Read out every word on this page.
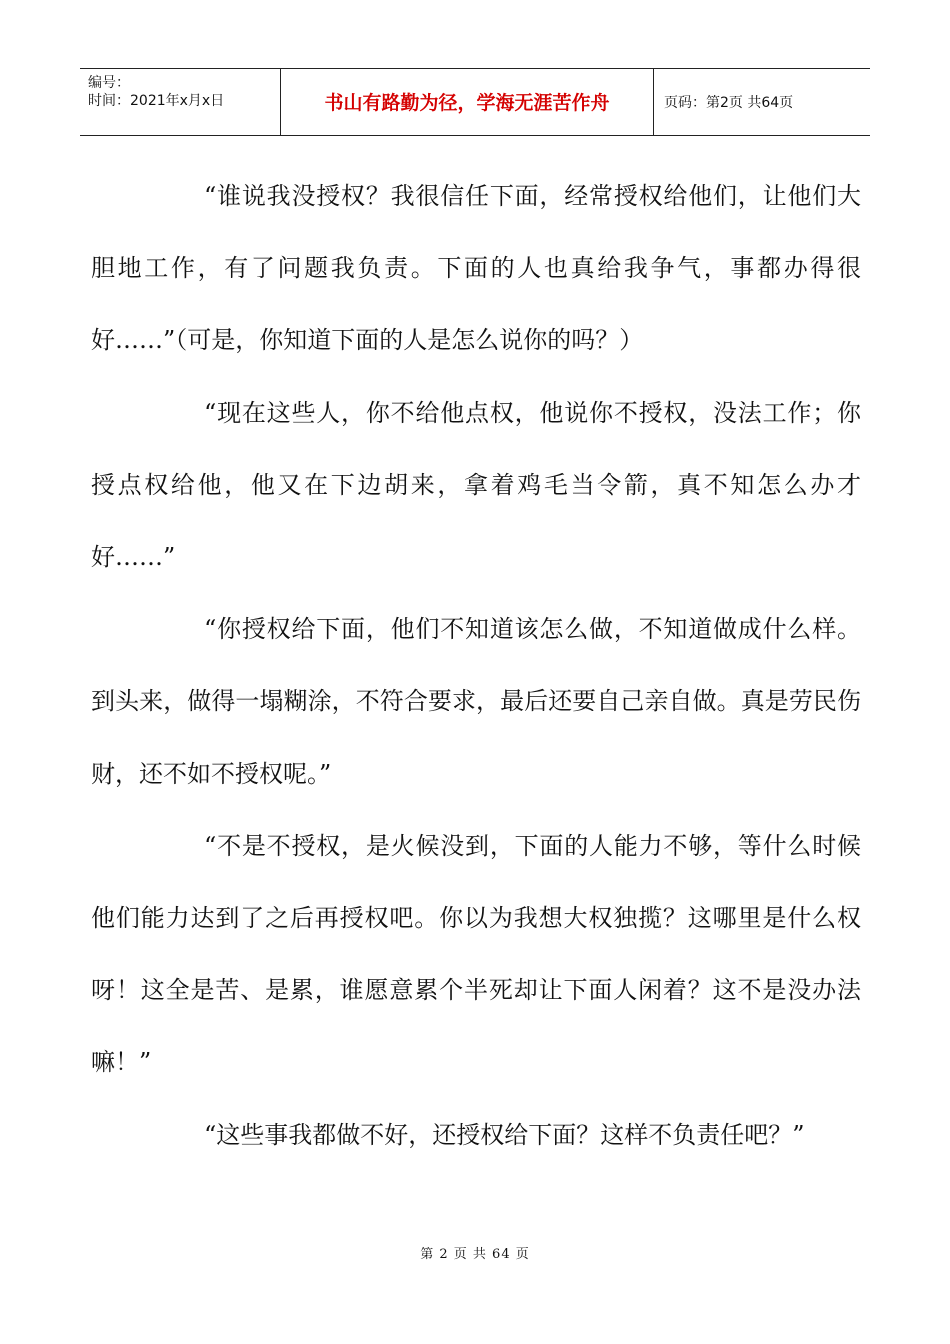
编号：
时间：2021年x月x日	书山有路勤为径，学海无涯苦作舟	页码：第2页 共64页

“谁说我没授权？我很信任下面，经常授权给他们，让他们大胆地工作，有了问题我负责。下面的人也真给我争气，事都办得很好……”（可是，你知道下面的人是怎么说你的吗？）

“现在这些人，你不给他点权，他说你不授权，没法工作；你授点权给他，他又在下边胡来，拿着鸡毛当令箭，真不知怎么办才好……”

“你授权给下面，他们不知道该怎么做，不知道做成什么样。到头来，做得一塌糊涂，不符合要求，最后还要自己亲自做。真是劳民伤财，还不如不授权呢。”

“不是不授权，是火候没到，下面的人能力不够，等什么时候他们能力达到了之后再授权吧。你以为我想大权独揽？这哪里是什么权呀！这全是苦、是累，谁愿意累个半死却让下面人闲着？这不是没办法嘛！”

“这些事我都做不好，还授权给下面？这样不负责任吧？”

第 2 页 共 64 页
